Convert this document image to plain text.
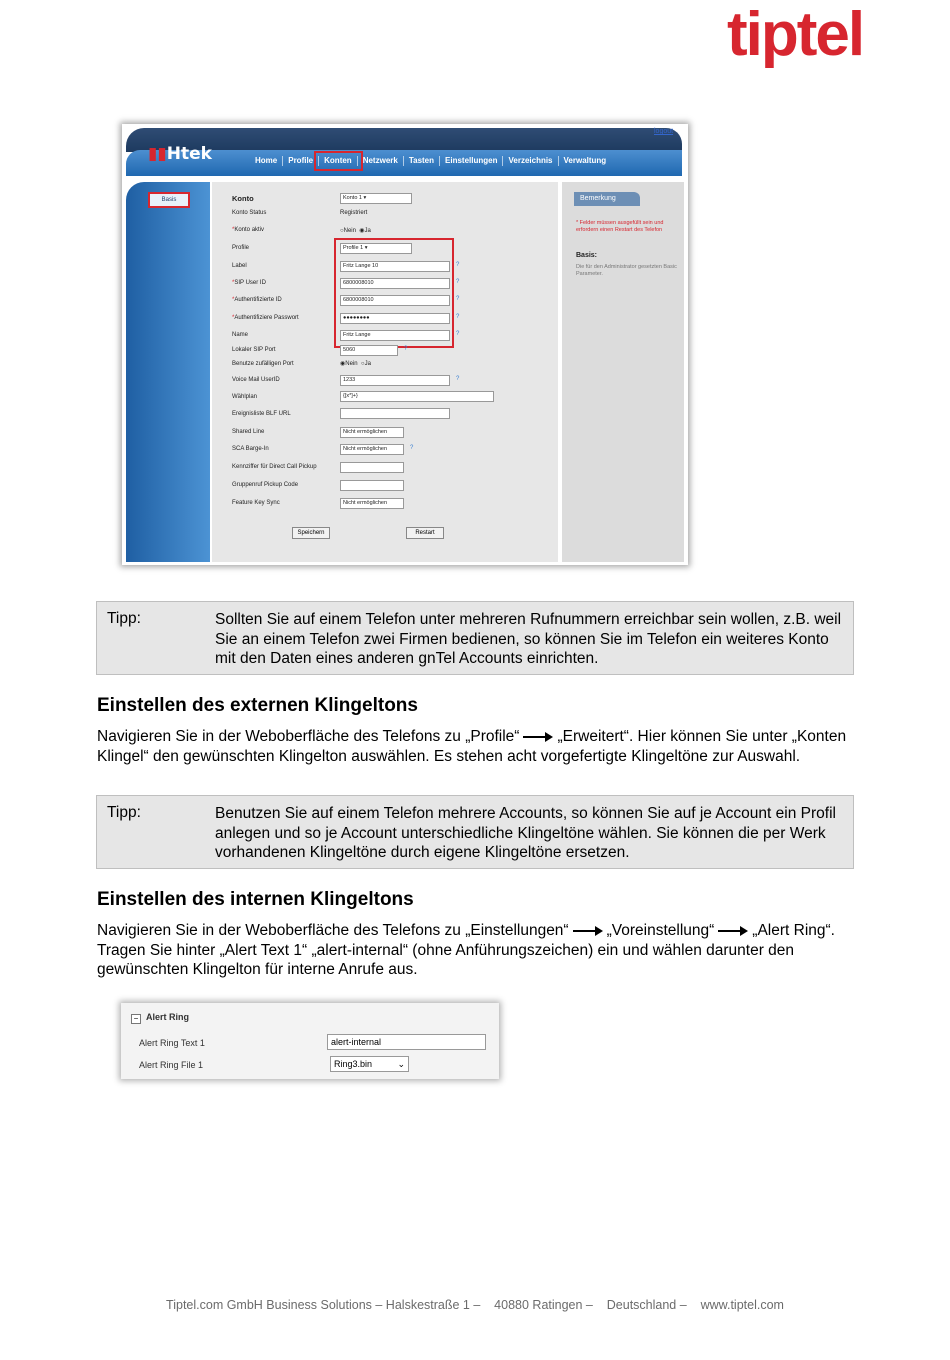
tiptel
▮▮Htek
logout
Home	Profile	Konten	Netzwerk	Tasten	Einstellungen	Verzeichnis	Verwaltung
Basis	Konto	Konto 1 ▾
Konto Status	Registriert
*Konto aktiv	○Nein  ◉Ja
Profile	Profile 1 ▾
Label	Fritz Lange 10	?
*SIP User ID	6800008010	?
*Authentifizierte ID	6800008010	?
*Authentifiziere Passwort	●●●●●●●●	?
Name	Fritz Lange	?
Lokaler SIP Port	5060	?
Benutze zufälligen Port	◉Nein  ○Ja
Voice Mail UserID	1233	?
Wählplan	{[x*]+}
Ereignisliste BLF URL
Shared Line	Nicht ermöglichen
SCA Barge-In	Nicht ermöglichen	?
Kennziffer für Direct Call Pickup
Gruppenruf Pickup Code
Feature Key Sync	Nicht ermöglichen
Speichern	Restart
Bemerkung
* Felder müssen ausgefüllt sein und erfordern einen Restart des Telefon
Basis:
Die für den Administrator gesetzten Basic Parameter.
Tipp:	Sollten Sie auf einem Telefon unter mehreren Rufnummern erreichbar sein wollen, z.B. weil Sie an einem Telefon zwei Firmen bedienen, so können Sie im Telefon ein weiteres Konto mit den Daten eines anderen gnTel Accounts einrichten.
Einstellen des externen Klingeltons
Navigieren Sie in der Weboberfläche des Telefons zu „Profile“ „Erweitert“. Hier können Sie unter „Konten Klingel“ den gewünschten Klingelton auswählen. Es stehen acht vorgefertigte Klingeltöne zur Auswahl.
Tipp:	Benutzen Sie auf einem Telefon mehrere Accounts, so können Sie auf je Account ein Profil anlegen und so je Account unterschiedliche Klingeltöne wählen. Sie können die per Werk vorhandenen Klingeltöne durch eigene Klingeltöne ersetzen.
Einstellen des internen Klingeltons
Navigieren Sie in der Weboberfläche des Telefons zu „Einstellungen“ „Voreinstellung“ „Alert Ring“. Tragen Sie hinter „Alert Text 1“ „alert-internal“ (ohne Anführungszeichen) ein und wählen darunter den gewünschten Klingelton für interne Anrufe aus.
− Alert Ring
Alert Ring Text 1	alert-internal
Alert Ring File 1	Ring3.bin	⌄
Tiptel.com GmbH Business Solutions – Halskestraße 1 –    40880 Ratingen –    Deutschland –    www.tiptel.com
